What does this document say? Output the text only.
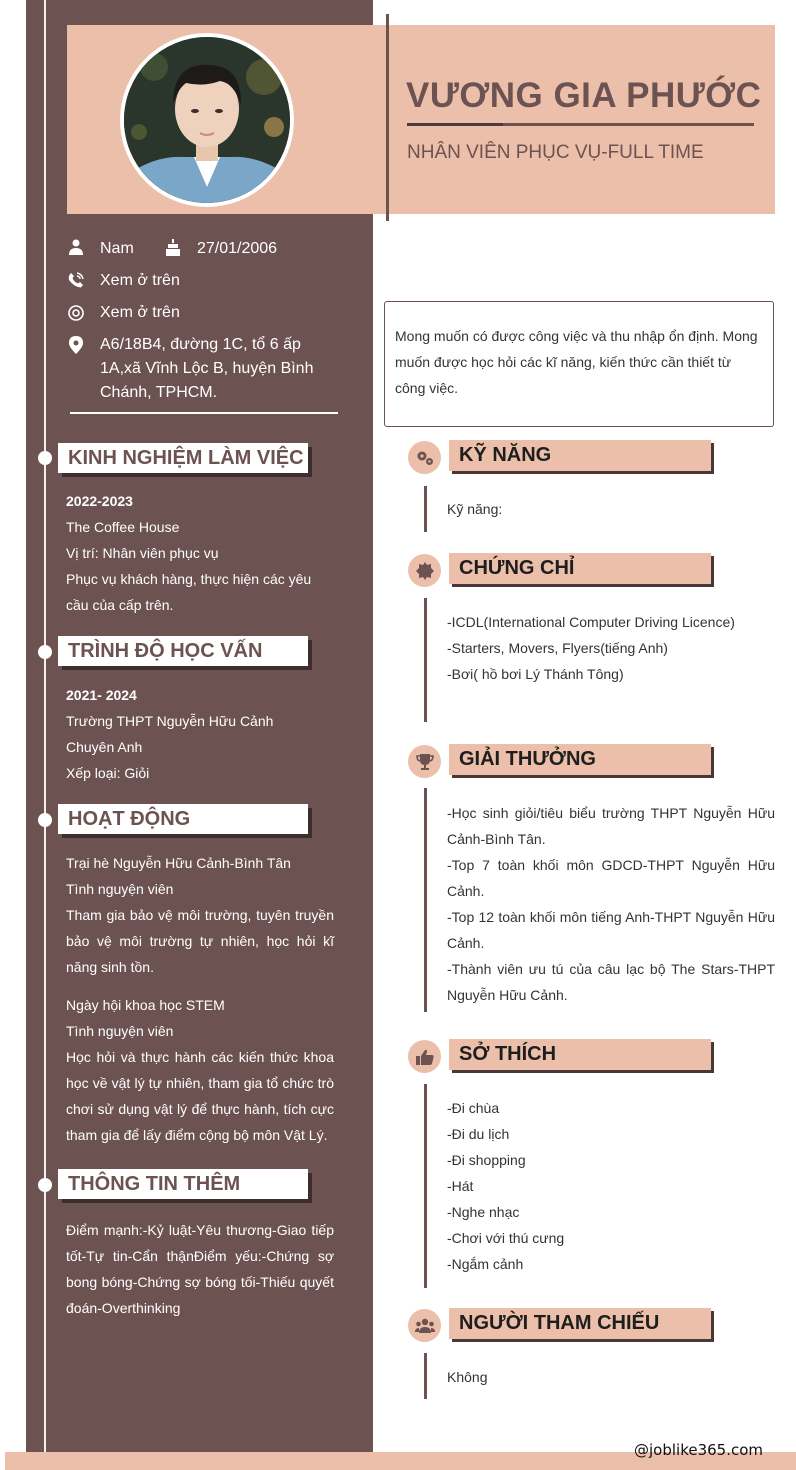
VƯƠNG GIA PHƯỚC
NHÂN VIÊN PHỤC VỤ-FULL TIME
Nam	27/01/2006
Xem ở trên
Xem ở trên
A6/18B4, đường 1C, tổ 6 ấp
1A,xã Vĩnh Lộc B, huyện Bình
Chánh, TPHCM.
KINH NGHIỆM LÀM VIỆC
2022-2023
The Coffee House
Vị trí: Nhân viên phục vụ
Phục vụ khách hàng, thực hiện các yêu cầu của cấp trên.
TRÌNH ĐỘ HỌC VẤN
2021- 2024
Trường THPT Nguyễn Hữu Cảnh
Chuyên Anh
Xếp loại: Giỏi
HOẠT ĐỘNG
Trại hè Nguyễn Hữu Cảnh-Bình Tân
Tình nguyện viên
Tham gia bảo vệ môi trường, tuyên truyền bảo vệ môi trường tự nhiên, học hỏi kĩ năng sinh tồn.
Ngày hội khoa học STEM
Tình nguyện viên
Học hỏi và thực hành các kiến thức khoa học về vật lý tự nhiên, tham gia tổ chức trò chơi sử dụng vật lý để thực hành, tích cực tham gia để lấy điểm cộng bộ môn Vật Lý.
THÔNG TIN THÊM
Điểm mạnh:-Kỷ luật-Yêu thương-Giao tiếp tốt-Tự tin-Cẩn thậnĐiểm yếu:-Chứng sợ bong bóng-Chứng sợ bóng tối-Thiếu quyết đoán-Overthinking
Mong muốn có được công việc và thu nhập ổn định. Mong muốn được học hỏi các kĩ năng, kiến thức cần thiết từ công việc.
KỸ NĂNG
Kỹ năng:
CHỨNG CHỈ
-ICDL(International Computer Driving Licence)
-Starters, Movers, Flyers(tiếng Anh)
-Bơi( hồ bơi Lý Thánh Tông)
GIẢI THƯỞNG
-Học sinh giỏi/tiêu biểu trường THPT Nguyễn Hữu Cảnh-Bình Tân.
-Top 7 toàn khối môn GDCD-THPT Nguyễn Hữu Cảnh.
-Top 12 toàn khối môn tiếng Anh-THPT Nguyễn Hữu Cảnh.
-Thành viên ưu tú của câu lạc bộ The Stars-THPT Nguyễn Hữu Cảnh.
SỞ THÍCH
-Đi chùa
-Đi du lịch
-Đi shopping
-Hát
-Nghe nhạc
-Chơi với thú cưng
-Ngắm cảnh
NGƯỜI THAM CHIẾU
Không
@joblike365.com
